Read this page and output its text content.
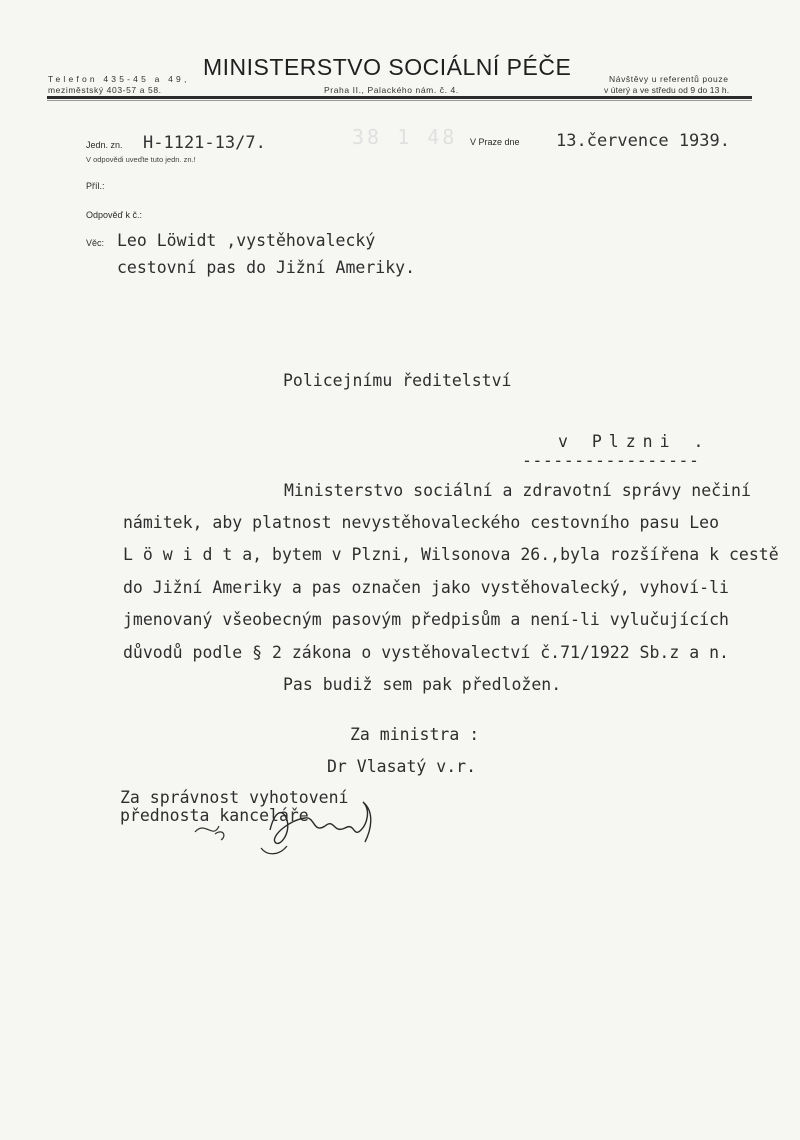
MINISTERSTVO SOCIÁLNÍ PÉČE
Telefon 435-45 a 49,
meziměstský 403-57 a 58.	Praha II., Palackého nám. č. 4.
Návštěvy u referentů pouze
v úterý a ve středu od 9 do 13 h.
38 1 48
Jedn. zn. H-1121-13/7.
V odpovědi uveďte tuto jedn. zn.!
V Praze dne 13.července 1939.
Příl.:
Odpověď k č.:
Věc: Leo Löwidt ,vystěhovalecký
cestovní pas do Jižní Ameriky.
Policejnímu ředitelství
v Plzni .
-----------------
Ministerstvo sociální a zdravotní správy nečiní
námitek, aby platnost nevystěhovaleckého cestovního pasu Leo
L ö w i d t a, bytem v Plzni, Wilsonova 26.,byla rozšířena k cestě
do Jižní Ameriky a pas označen jako vystěhovalecký, vyhoví-li
jmenovaný všeobecným pasovým předpisům a není-li vylučujících
důvodů podle § 2 zákona o vystěhovalectví č.71/1922 Sb.z a n.
Pas budiž sem pak předložen.
Za ministra :
Dr Vlasatý v.r.
Za správnost vyhotovení
přednosta kanceláře
